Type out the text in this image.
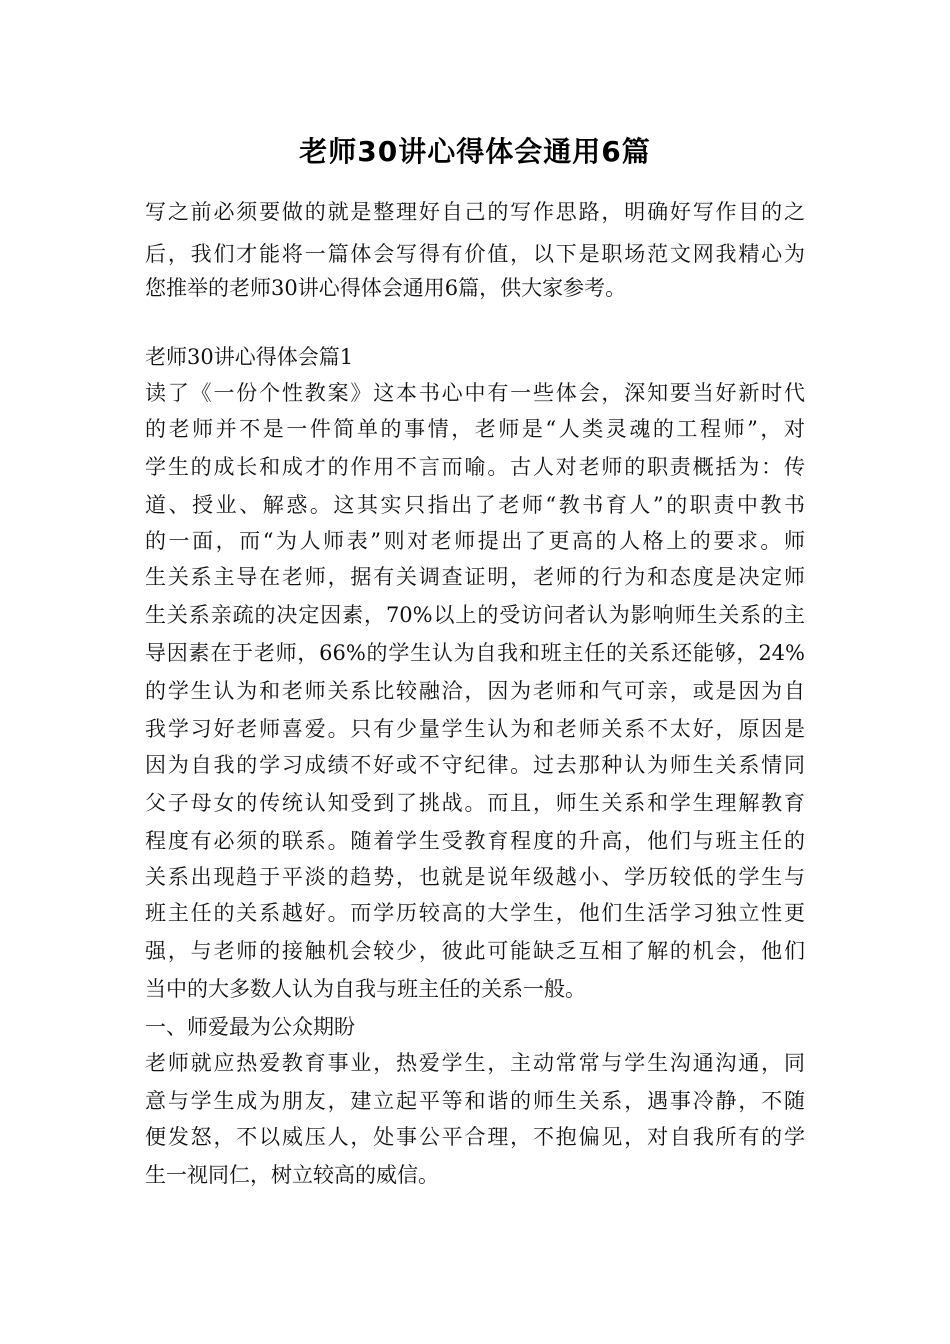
老师30讲心得体会通用6篇
写之前必须要做的就是整理好自己的写作思路，明确好写作目的之
后，我们才能将一篇体会写得有价值，以下是职场范文网我精心为
您推举的老师30讲心得体会通用6篇，供大家参考。
老师30讲心得体会篇1
读了《一份个性教案》这本书心中有一些体会，深知要当好新时代
的老师并不是一件简单的事情，老师是“人类灵魂的工程师”，对
学生的成长和成才的作用不言而喻。古人对老师的职责概括为：传
道、授业、解惑。这其实只指出了老师“教书育人”的职责中教书
的一面，而“为人师表”则对老师提出了更高的人格上的要求。师
生关系主导在老师，据有关调查证明，老师的行为和态度是决定师
生关系亲疏的决定因素，70%以上的受访问者认为影响师生关系的主
导因素在于老师，66%的学生认为自我和班主任的关系还能够，24%
的学生认为和老师关系比较融洽，因为老师和气可亲，或是因为自
我学习好老师喜爱。只有少量学生认为和老师关系不太好，原因是
因为自我的学习成绩不好或不守纪律。过去那种认为师生关系情同
父子母女的传统认知受到了挑战。而且，师生关系和学生理解教育
程度有必须的联系。随着学生受教育程度的升高，他们与班主任的
关系出现趋于平淡的趋势，也就是说年级越小、学历较低的学生与
班主任的关系越好。而学历较高的大学生，他们生活学习独立性更
强，与老师的接触机会较少，彼此可能缺乏互相了解的机会，他们
当中的大多数人认为自我与班主任的关系一般。
一、师爱最为公众期盼
老师就应热爱教育事业，热爱学生，主动常常与学生沟通沟通，同
意与学生成为朋友，建立起平等和谐的师生关系，遇事冷静，不随
便发怒，不以威压人，处事公平合理，不抱偏见，对自我所有的学
生一视同仁，树立较高的威信。
